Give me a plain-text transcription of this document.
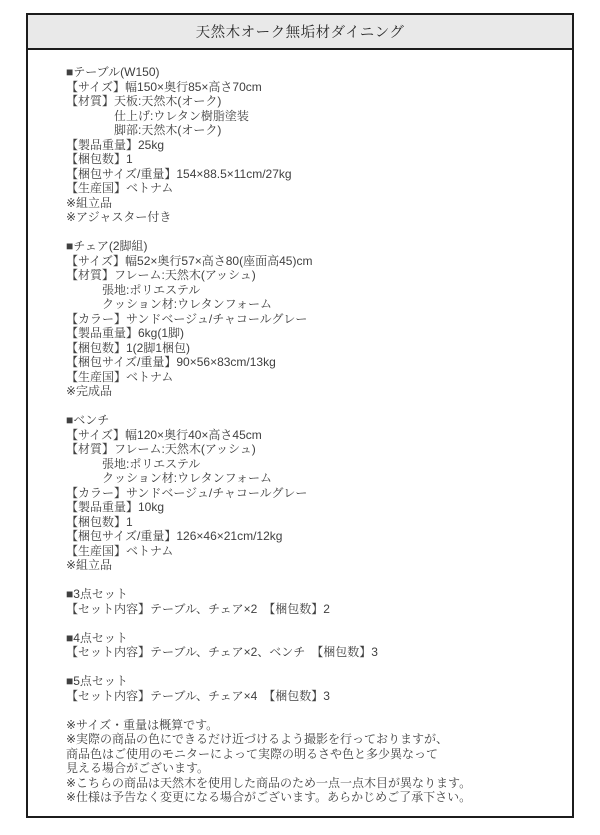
天然木オーク無垢材ダイニング
■テーブル(W150)
【サイズ】幅150×奥行85×高さ70cm
【材質】天板:天然木(オーク)
　　　　仕上げ:ウレタン樹脂塗装
　　　　脚部:天然木(オーク)
【製品重量】25kg
【梱包数】1
【梱包サイズ/重量】154×88.5×11cm/27kg
【生産国】ベトナム
※組立品
※アジャスター付き
■チェア(2脚組)
【サイズ】幅52×奥行57×高さ80(座面高45)cm
【材質】フレーム:天然木(アッシュ)
　　　張地:ポリエステル
　　　クッション材:ウレタンフォーム
【カラー】サンドベージュ/チャコールグレー
【製品重量】6kg(1脚)
【梱包数】1(2脚1梱包)
【梱包サイズ/重量】90×56×83cm/13kg
【生産国】ベトナム
※完成品
■ベンチ
【サイズ】幅120×奥行40×高さ45cm
【材質】フレーム:天然木(アッシュ)
　　　張地:ポリエステル
　　　クッション材:ウレタンフォーム
【カラー】サンドベージュ/チャコールグレー
【製品重量】10kg
【梱包数】1
【梱包サイズ/重量】126×46×21cm/12kg
【生産国】ベトナム
※組立品
■3点セット
【セット内容】テーブル、チェア×2　【梱包数】2
■4点セット
【セット内容】テーブル、チェア×2、ベンチ　【梱包数】3
■5点セット
【セット内容】テーブル、チェア×4　【梱包数】3
※サイズ・重量は概算です。
※実際の商品の色にできるだけ近づけるよう撮影を行っておりますが、
商品色はご使用のモニターによって実際の明るさや色と多少異なって
見える場合がございます。
※こちらの商品は天然木を使用した商品のため一点一点木目が異なります。
※仕様は予告なく変更になる場合がございます。あらかじめご了承下さい。
